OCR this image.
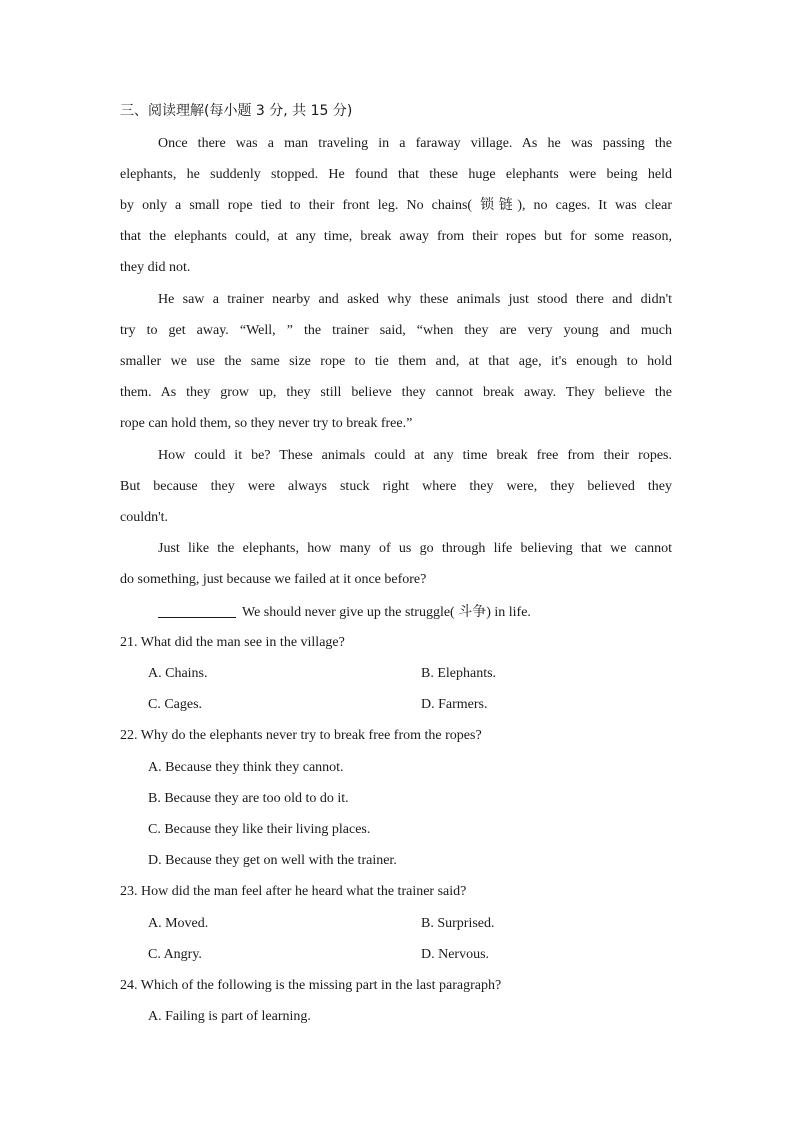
三、阅读理解(每小题 3 分, 共 15 分)
Once there was a man traveling in a faraway village. As he was passing the
elephants, he suddenly stopped. He found that these huge elephants were being held
by only a small rope tied to their front leg. No chains( 锁链), no cages. It was clear
that the elephants could, at any time, break away from their ropes but for some reason,
they did not.
He saw a trainer nearby and asked why these animals just stood there and didn't
try to get away. “Well, ” the trainer said, “when they are very young and much
smaller we use the same size rope to tie them and, at that age, it's enough to hold
them. As they grow up, they still believe they cannot break away. They believe the
rope can hold them, so they never try to break free.”
How could it be? These animals could at any time break free from their ropes.
But because they were always stuck right where they were, they believed they
couldn't.
Just like the elephants, how many of us go through life believing that we cannot
do something, just because we failed at it once before?
We should never give up the struggle( 斗争) in life.
21. What did the man see in the village?
A. Chains.	B. Elephants.
C. Cages.	D. Farmers.
22. Why do the elephants never try to break free from the ropes?
A. Because they think they cannot.
B. Because they are too old to do it.
C. Because they like their living places.
D. Because they get on well with the trainer.
23. How did the man feel after he heard what the trainer said?
A. Moved.	B. Surprised.
C. Angry.	D. Nervous.
24. Which of the following is the missing part in the last paragraph?
A. Failing is part of learning.
